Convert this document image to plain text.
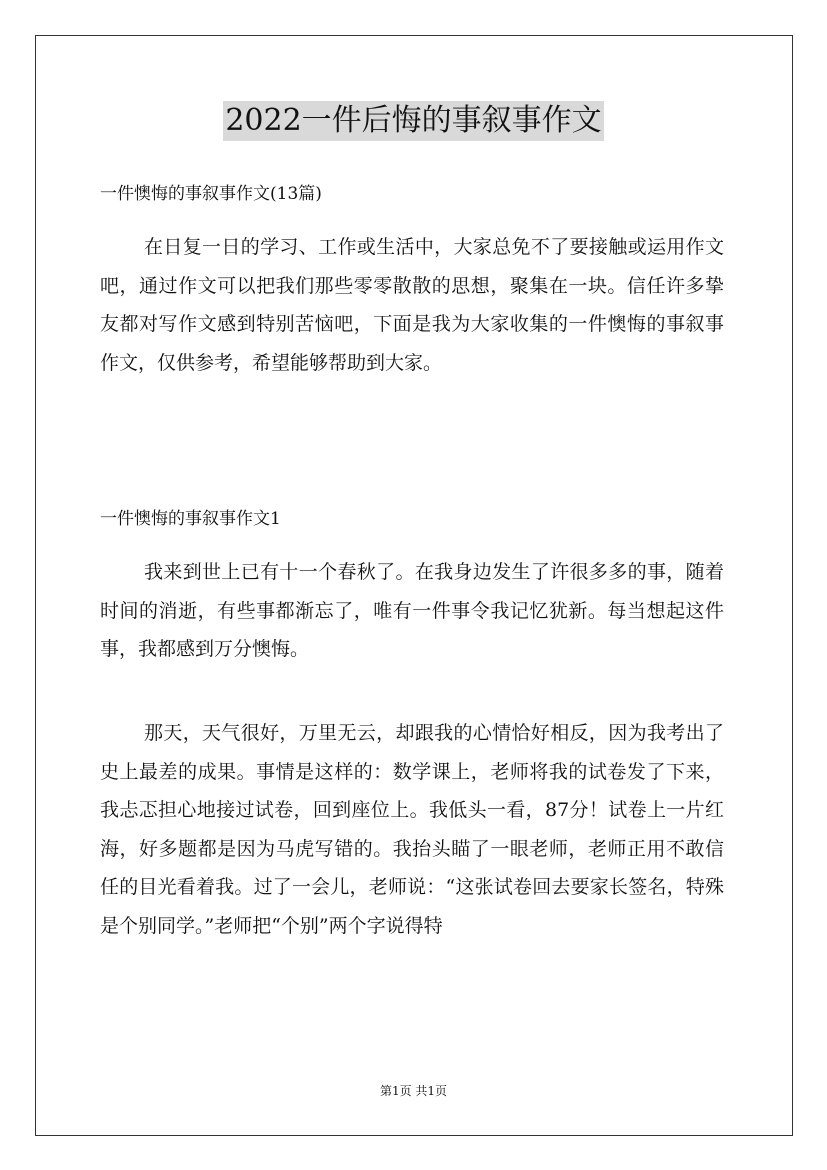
2022一件后悔的事叙事作文
一件懊悔的事叙事作文(13篇)

在日复一日的学习、工作或生活中，大家总免不了要接触或运用作文吧，通过作文可以把我们那些零零散散的思想，聚集在一块。信任许多挚友都对写作文感到特别苦恼吧，下面是我为大家收集的一件懊悔的事叙事作文，仅供参考，希望能够帮助到大家。

一件懊悔的事叙事作文1

我来到世上已有十一个春秋了。在我身边发生了许很多多的事，随着时间的消逝，有些事都渐忘了，唯有一件事令我记忆犹新。每当想起这件事，我都感到万分懊悔。

那天，天气很好，万里无云，却跟我的心情恰好相反，因为我考出了史上最差的成果。事情是这样的：数学课上，老师将我的试卷发了下来，我忐忑担心地接过试卷，回到座位上。我低头一看，87分！试卷上一片红海，好多题都是因为马虎写错的。我抬头瞄了一眼老师，老师正用不敢信任的目光看着我。过了一会儿，老师说：“这张试卷回去要家长签名，特殊是个别同学。”老师把“个别”两个字说得特

第1页 共1页
